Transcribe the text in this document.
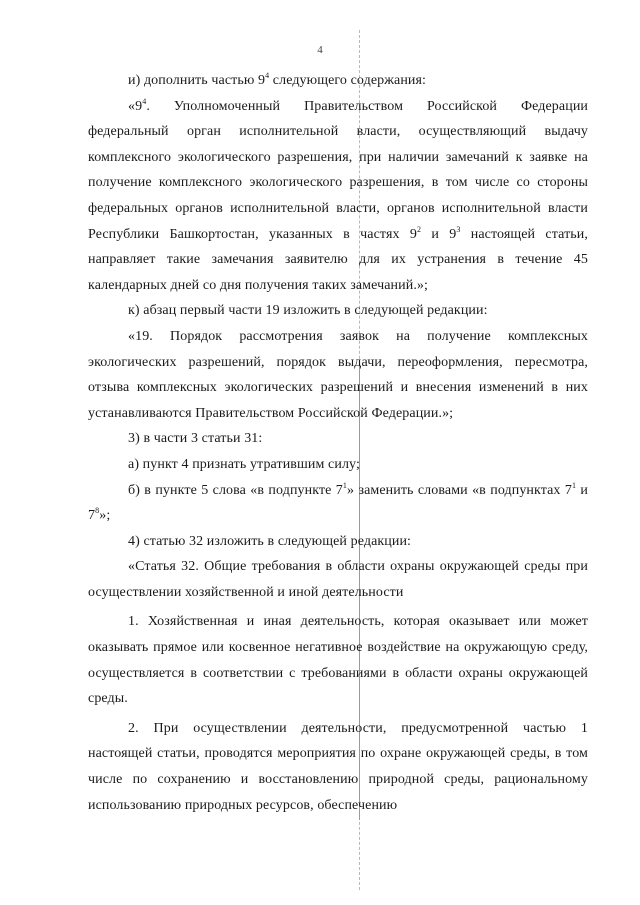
4

и) дополнить частью $9^4$ следующего содержания:

«$9^4$. Уполномоченный Правительством Российской Федерации федеральный орган исполнительной власти, осуществляющий выдачу комплексного экологического разрешения, при наличии замечаний к заявке на получение комплексного экологического разрешения, в том числе со стороны федеральных органов исполнительной власти, органов исполнительной власти Республики Башкортостан, указанных в частях $9^2$ и $9^3$ настоящей статьи, направляет такие замечания заявителю для их устранения в течение 45 календарных дней со дня получения таких замечаний.»;

к) абзац первый части 19 изложить в следующей редакции:

«19. Порядок рассмотрения заявок на получение комплексных экологических разрешений, порядок выдачи, переоформления, пересмотра, отзыва комплексных экологических разрешений и внесения изменений в них устанавливаются Правительством Российской Федерации.»;

3) в части 3 статьи 31:

а) пункт 4 признать утратившим силу;

б) в пункте 5 слова «в подпункте $7^1$» заменить словами «в подпунктах $7^1$ и $7^8$»;

4) статью 32 изложить в следующей редакции:

«Статья 32. Общие требования в области охраны окружающей среды при осуществлении хозяйственной и иной деятельности

1. Хозяйственная и иная деятельность, которая оказывает или может оказывать прямое или косвенное негативное воздействие на окружающую среду, осуществляется в соответствии с требованиями в области охраны окружающей среды.

2. При осуществлении деятельности, предусмотренной частью 1 настоящей статьи, проводятся мероприятия по охране окружающей среды, в том числе по сохранению и восстановлению природной среды, рациональному использованию природных ресурсов, обеспечению
